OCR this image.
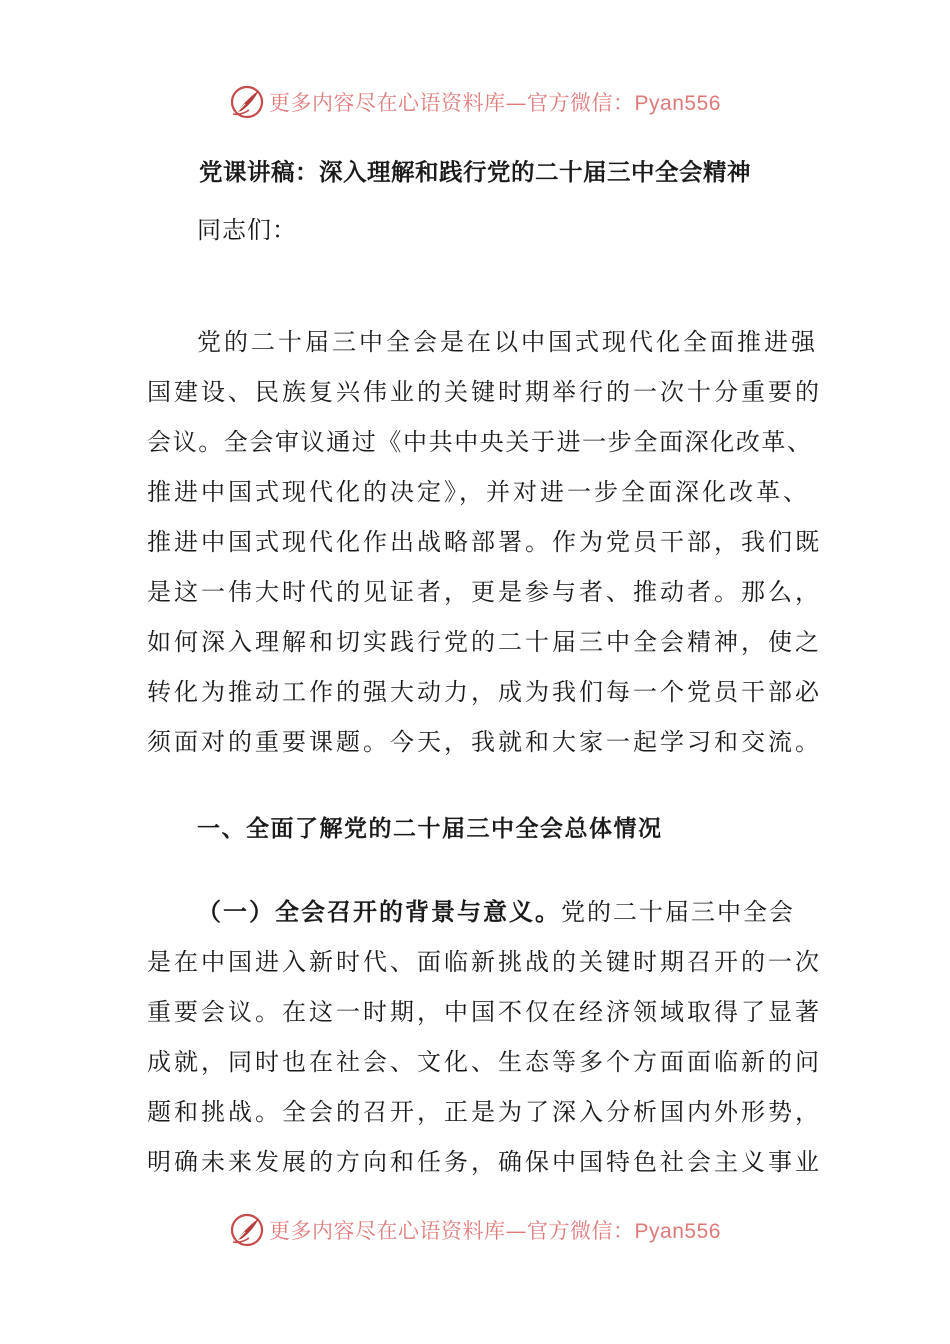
更多内容尽在心语资料库—官方微信：Pyan556
党课讲稿：深入理解和践行党的二十届三中全会精神
同志们：
党的二十届三中全会是在以中国式现代化全面推进强
国建设、民族复兴伟业的关键时期举行的一次十分重要的
会议。全会审议通过《中共中央关于进一步全面深化改革、
推进中国式现代化的决定》，并对进一步全面深化改革、
推进中国式现代化作出战略部署。作为党员干部，我们既
是这一伟大时代的见证者，更是参与者、推动者。那么，
如何深入理解和切实践行党的二十届三中全会精神，使之
转化为推动工作的强大动力，成为我们每一个党员干部必
须面对的重要课题。今天，我就和大家一起学习和交流。
一、全面了解党的二十届三中全会总体情况
（一）全会召开的背景与意义。党的二十届三中全会
是在中国进入新时代、面临新挑战的关键时期召开的一次
重要会议。在这一时期，中国不仅在经济领域取得了显著
成就，同时也在社会、文化、生态等多个方面面临新的问
题和挑战。全会的召开，正是为了深入分析国内外形势，
明确未来发展的方向和任务，确保中国特色社会主义事业
更多内容尽在心语资料库—官方微信：Pyan556
